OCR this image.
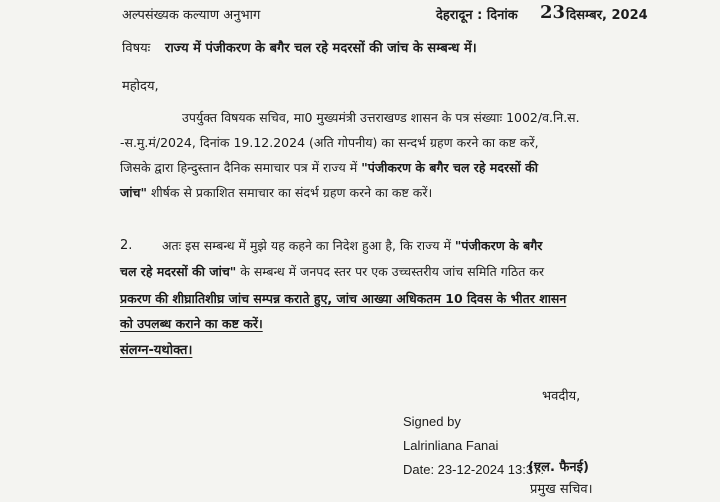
अल्पसंख्यक कल्याण अनुभाग	देहरादून : दिनांक 23 दिसम्बर, 2024
विषयः राज्य में पंजीकरण के बगैर चल रहे मदरसों की जांच के सम्बन्ध में।
महोदय,
उपर्युक्त विषयक सचिव, मा0 मुख्यमंत्री उत्तराखण्ड शासन के पत्र संख्याः 1002/व.नि.स.
-स.मु.मं/2024, दिनांक 19.12.2024 (अति गोपनीय) का सन्दर्भ ग्रहण करने का कष्ट करें,
जिसके द्वारा हिन्दुस्तान दैनिक समाचार पत्र में राज्य में "पंजीकरण के बगैर चल रहे मदरसों की
जांच" शीर्षक से प्रकाशित समाचार का संदर्भ ग्रहण करने का कष्ट करें।
2. अतः इस सम्बन्ध में मुझे यह कहने का निदेश हुआ है, कि राज्य में "पंजीकरण के बगैर
चल रहे मदरसों की जांच" के सम्बन्ध में जनपद स्तर पर एक उच्चस्तरीय जांच समिति गठित कर
प्रकरण की शीघ्रातिशीघ्र जांच सम्पन्न कराते हुए, जांच आख्या अधिकतम 10 दिवस के भीतर शासन
को उपलब्ध कराने का कष्ट करें।
संलग्न-यथोक्त।
भवदीय,
Signed by
Lalrinliana Fanai
Date: 23-12-2024 13:37:
(एल. फैनई)
प्रमुख सचिव।
